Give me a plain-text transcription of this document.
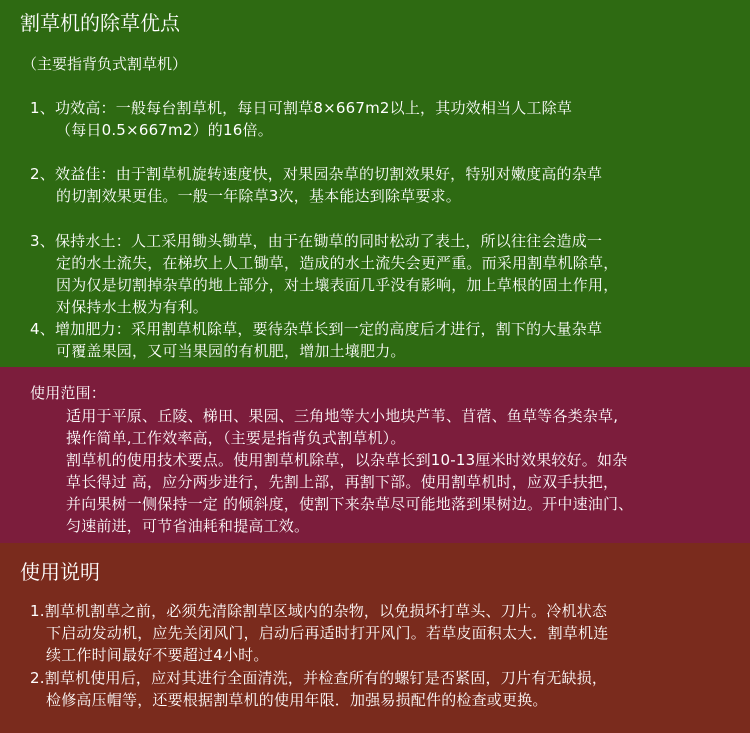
割草机的除草优点
（主要指背负式割草机）
1、功效高：一般每台割草机，每日可割草8×667m2以上，其功效相当人工除草
（每日0.5×667m2）的16倍。
2、效益佳：由于割草机旋转速度快，对果园杂草的切割效果好，特别对嫩度高的杂草
的切割效果更佳。一般一年除草3次，基本能达到除草要求。
3、保持水土：人工采用锄头锄草，由于在锄草的同时松动了表土，所以往往会造成一
定的水土流失，在梯坎上人工锄草，造成的水土流失会更严重。而采用割草机除草，
因为仅是切割掉杂草的地上部分，对土壤表面几乎没有影响，加上草根的固土作用，
对保持水土极为有利。
4、增加肥力：采用割草机除草，要待杂草长到一定的高度后才进行，割下的大量杂草
可覆盖果园，又可当果园的有机肥，增加土壤肥力。
使用范围：
适用于平原、丘陵、梯田、果园、三角地等大小地块芦苇、苜蓿、鱼草等各类杂草,
操作简单,工作效率高，（主要是指背负式割草机）。
割草机的使用技术要点。使用割草机除草，以杂草长到10-13厘米时效果较好。如杂
草长得过 高，应分两步进行，先割上部，再割下部。使用割草机时，应双手扶把，
并向果树一侧保持一定 的倾斜度，使割下来杂草尽可能地落到果树边。开中速油门、
匀速前进，可节省油耗和提高工效。
使用说明
1.割草机割草之前，必须先清除割草区域内的杂物，以免损坏打草头、刀片。冷机状态
下启动发动机，应先关闭风门，启动后再适时打开风门。若草皮面积太大．割草机连
续工作时间最好不要超过4小时。
2.割草机使用后，应对其进行全面清洗，并检查所有的螺钉是否紧固，刀片有无缺损，
检修高压帽等，还要根据割草机的使用年限．加强易损配件的检查或更换。
